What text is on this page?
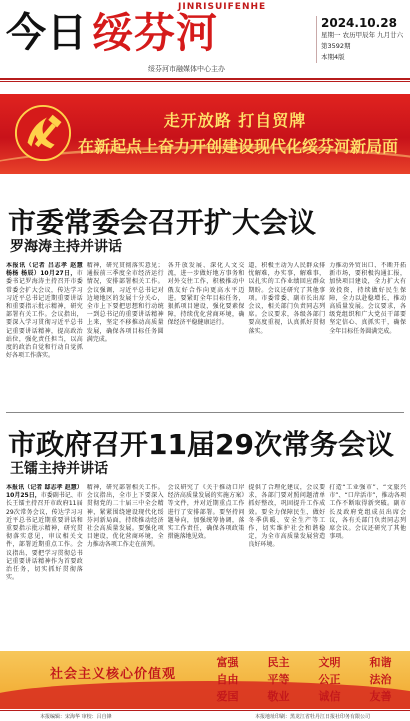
JINRISUIFENHE
今日 绥芬河
绥芬河市融媒体中心主办
2024.10.28
星期一 农历甲辰年 九月廿六
第3592期
本期4版
走开放路 打自贸牌
在新起点上奋力开创建设现代化绥芬河新局面
市委常委会召开扩大会议
罗海涛主持并讲话
本报讯（记者 吕志孝 赵慧 杨杨 杨辰）10月27日，市委书记罗海涛主持召开市委常委会扩大会议，传达学习习近平总书记近期重要讲话和重要指示批示精神，研究部署有关工作。会议指出，要深入学习贯彻习近平总书记重要讲话精神，提高政治站位，强化责任担当，以高度的政治自觉和行动自觉抓好各项工作落实。
精神，研究贯彻落实意见；通报前三季度全市经济运行情况，安排部署相关工作。会议强调，习近平总书记对边境地区的发展十分关心，全市上下要把思想和行动统一到总书记的重要讲话精神上来，坚定不移推动高质量发展，确保各项目标任务圆满完成。
各开放发展、深化人文交流，进一步做好地方事务和对外交往工作，积极推动中俄友好合作向更高水平迈进。要紧盯全年目标任务，狠抓项目建设，强化要素保障，持续优化营商环境，确保经济平稳健康运行。
道，积极主动为人民群众排忧解难，办实事，解难事，以扎实的工作业绩回应群众期盼。会议还研究了其他事项。市委常委、副市长出席会议，相关部门负责同志列席。会议要求，各级各部门要高度重视，认真抓好贯彻落实。
力推动外贸出口、不断开拓新市场，要积极沟通汇报，加快项目建设，全力扩大有效投资，持续做好民生保障，全力以赴稳增长，推动高质量发展。会议要求，各级党组织和广大党员干部要坚定信心、真抓实干，确保全年目标任务圆满完成。
市政府召开11届29次常务会议
王镭主持并讲话
本报讯（记者 邸志孝 赵慧）10月25日，市委副书记、市长王镭主持召开市政府11届29次常务会议，传达学习习近平总书记近期重要讲话和重要指示批示精神，研究贯彻落实意见，审议相关文件，部署近期重点工作。会议指出，要把学习贯彻总书记重要讲话精神作为首要政治任务，切实抓好贯彻落实。
精神，研究部署相关工作。会议指出，全市上下要深入贯彻党的二十届三中全会精神，紧紧围绕建设现代化绥芬河新局面，持续推动经济社会高质量发展。要强化项目建设，优化营商环境，全力推动各项工作走在前列。
会议研究了《关于推动口岸经济高质量发展的实施方案》等文件，并对近期重点工作进行了安排部署。要坚持问题导向，加强统筹协调，落实工作责任，确保各项政策措施落地见效。
提供了合理化建议，会议要求，各部门要对照问题清单抓好整改，巩固提升工作成效。要全力保障民生，做好冬季供暖、安全生产等工作，切实维护社会和谐稳定，为全市高质量发展营造良好环境。
打造“工业强市”、“文旅兴市”、“口岸活市”，推动各项工作不断取得新突破。副市长及政府党组成员出席会议，各有关部门负责同志列席会议。会议还研究了其他事项。
社会主义核心价值观
富强	民主	文明	和谐
自由	平等	公正	法治
爱国	敬业	诚信	友善
本报编辑：宋海华 审校：吕自锋	本报地址印刷：黑龙江省牡丹江日报社印务有限公司
